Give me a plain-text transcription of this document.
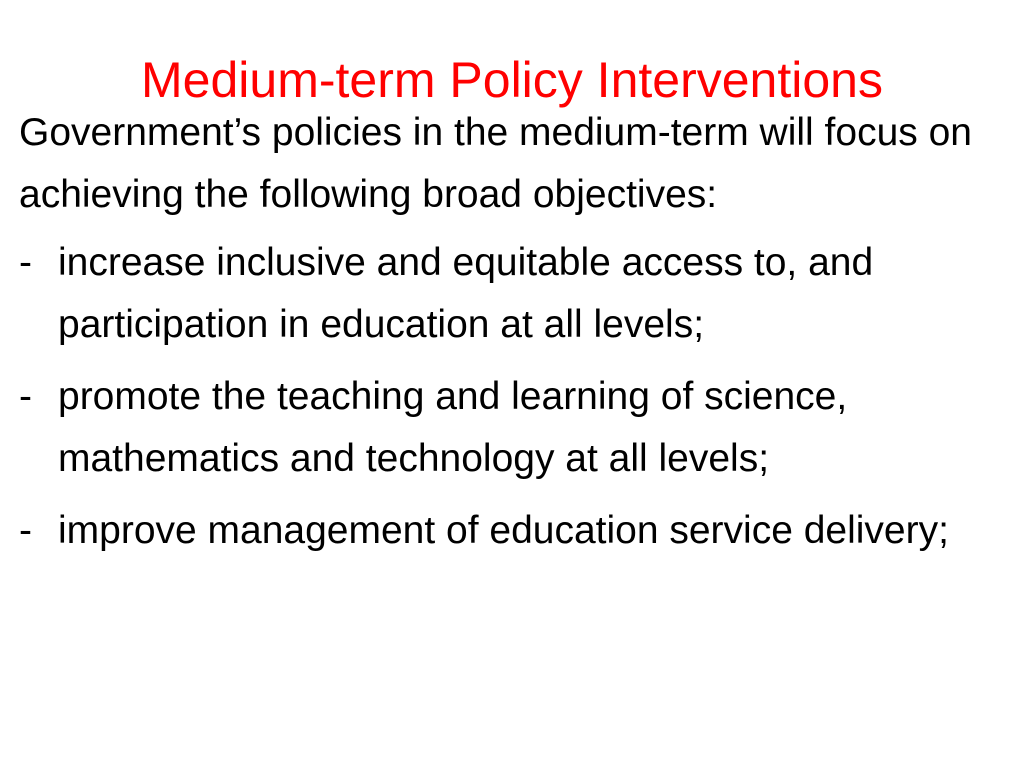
Medium-term Policy Interventions

Government’s policies in the medium-term will focus on achieving the following broad objectives:

- increase inclusive and equitable access to, and participation in education at all levels;
- promote the teaching and learning of science, mathematics and technology at all levels;
- improve management of education service delivery;
